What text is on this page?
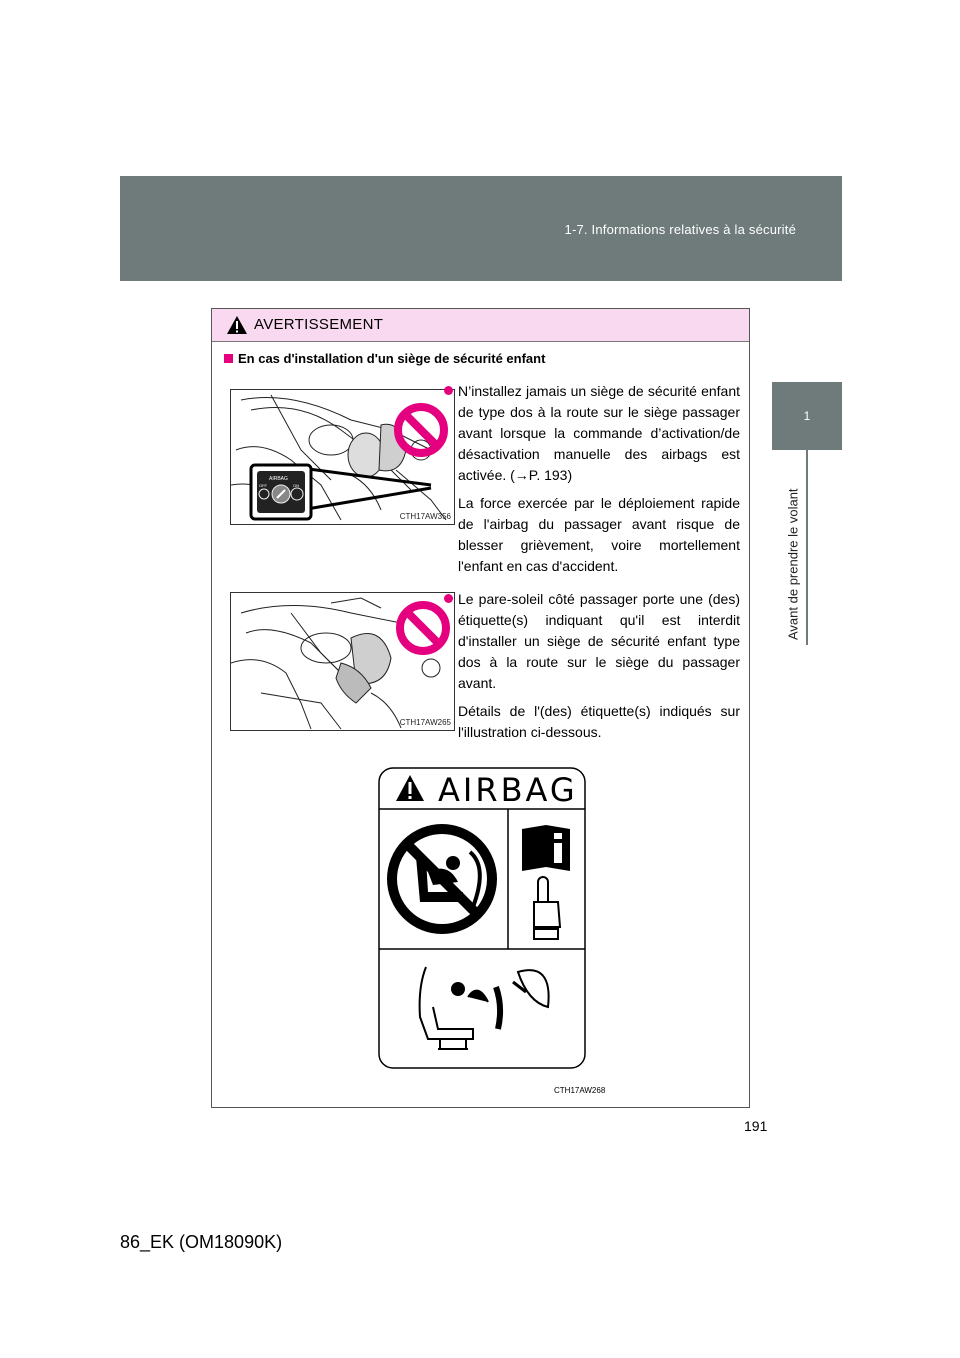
1-7. Informations relatives à la sécurité
1
Avant de prendre le volant
AVERTISSEMENT
En cas d'installation d'un siège de sécurité enfant
AIRBAG
OFF	ON
CTH17AW356
CTH17AW265

N’installez jamais un siège de sécurité enfant de type dos à la route sur le siège passager avant lorsque la commande d’activation/de désactivation manuelle des airbags est activée. (→P. 193)

La force exercée par le déploiement rapide de l'airbag du passager avant risque de blesser grièvement, voire mortellement l'enfant en cas d'accident.

Le pare-soleil côté passager porte une (des) étiquette(s) indiquant qu'il est interdit d'installer un siège de sécurité enfant type dos à la route sur le siège du passager avant.

Détails de l'(des) étiquette(s) indiqués sur l'illustration ci-dessous.

AIRBAG
CTH17AW268
191
86_EK (OM18090K)
